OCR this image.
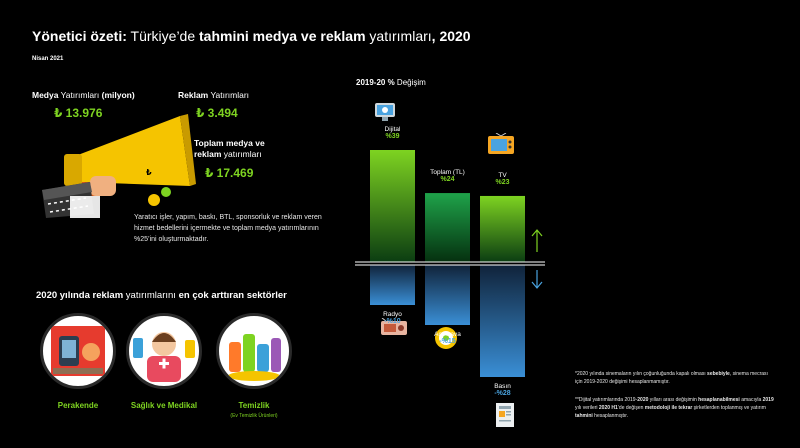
Yönetici özeti: Türkiye’de tahmini medya ve reklam yatırımları, 2020
Nisan 2021
Medya Yatırımları (milyon)
₺ 13.976
Reklam Yatırımları
₺ 3.494
Toplam medya ve
reklam yatırımları
₺ 17.469
₺
Yaratıcı işler, yapım, baskı, BTL, sponsorluk ve reklam veren hizmet bedellerini içermekte ve toplam medya yatırımlarının %25’ini oluşturmaktadır.
2020 yılında reklam yatırımlarını en çok arttıran sektörler
Perakende	Sağlık ve Medikal	Temizlik
(Ev Temizlik Ürünleri)
2019-20 % Değişim
*2020 yılında sinemaların yılın çoğunluğunda kapalı olması sebebiyle, sinema mecrası için 2019-2020 değişimi hesaplanmamıştır.
**Dijital yatırımlarında 2019-2020 yılları arası değişimin hesaplanabilmesi amacıyla 2019 yılı verileri 2020 H1’de değişen metodoloji ile tekrar şirketlerden toplanmış ve yatırım tahmini hesaplanmıştır.
Dijital
%39
Toplam (TL)
%24
TV
%23
Radyo
-%10
Açıkhava
-%15
Basın
-%28
